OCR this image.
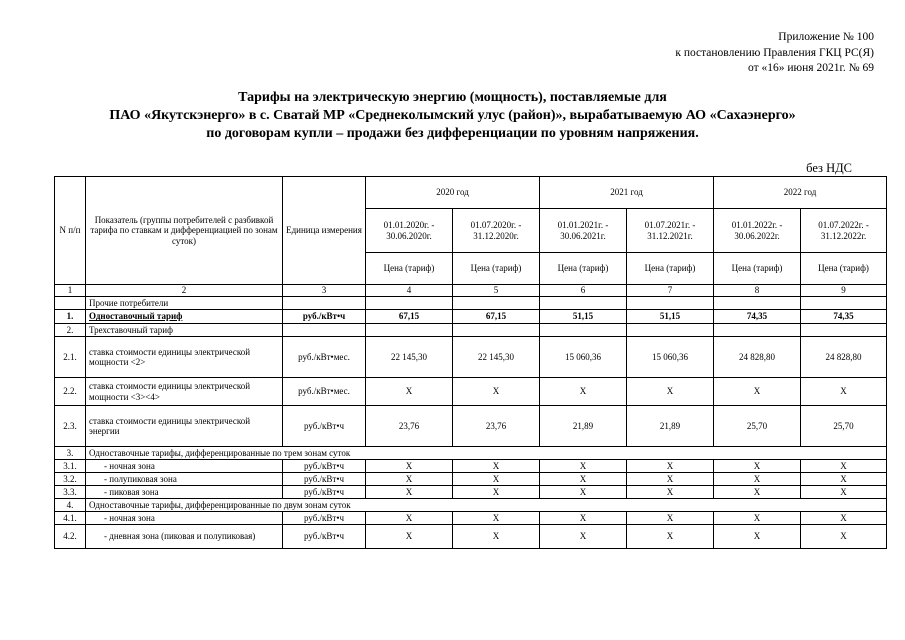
Приложение № 100
к постановлению Правления ГКЦ РС(Я)
от «16» июня 2021г. № 69
Тарифы на электрическую энергию (мощность), поставляемые для
ПАО «Якутскэнерго» в с. Сватай МР «Среднеколымский улус (район)», вырабатываемую АО «Сахаэнерго»
по договорам купли – продажи без дифференциации по уровням напряжения.
без НДС
N п/п	Показатель (группы потребителей с разбивкой тарифа по ставкам и дифференциацией по зонам суток)	Единица измерения	2020 год		2021 год		2022 год	
			01.01.2020г. - 30.06.2020г.	01.07.2020г. - 31.12.2020г.	01.01.2021г. - 30.06.2021г.	01.07.2021г. - 31.12.2021г.	01.01.2022г. - 30.06.2022г.	01.07.2022г. - 31.12.2022г.
			Цена (тариф)	Цена (тариф)	Цена (тариф)	Цена (тариф)	Цена (тариф)	Цена (тариф)
1	2	3	4	5	6	7	8	9
	Прочие потребители							
1.	Одноставочный тариф	руб./кВт•ч	67,15	67,15	51,15	51,15	74,35	74,35
2.	Трехставочный тариф							
2.1.	ставка стоимости единицы электрической мощности <2>	руб./кВт•мес.	22 145,30	22 145,30	15 060,36	15 060,36	24 828,80	24 828,80
2.2.	ставка стоимости единицы электрической мощности <3><4>	руб./кВт•мес.	X	X	X	X	X	X
2.3.	ставка стоимости единицы электрической энергии	руб./кВт•ч	23,76	23,76	21,89	21,89	25,70	25,70
3.	Одноставочные тарифы, дифференцированные по трем зонам суток							
3.1.	- ночная зона	руб./кВт•ч	X	X	X	X	X	X
3.2.	- полупиковая зона	руб./кВт•ч	X	X	X	X	X	X
3.3.	- пиковая зона	руб./кВт•ч	X	X	X	X	X	X
4.	Одноставочные тарифы, дифференцированные по двум зонам суток							
4.1.	- ночная зона	руб./кВт•ч	X	X	X	X	X	X
4.2.	- дневная зона (пиковая и полупиковая)	руб./кВт•ч	X	X	X	X	X	X
